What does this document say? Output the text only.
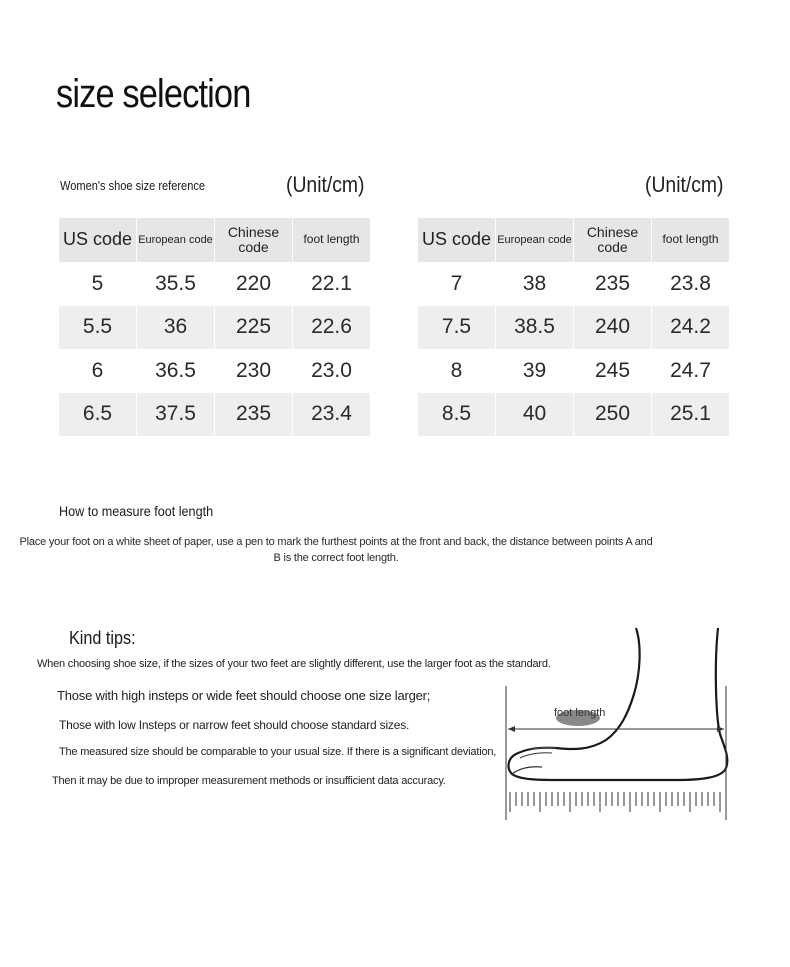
size selection
Women's shoe size reference	(Unit/cm)	(Unit/cm)
US code	European code	Chinese code	foot length
5	35.5	220	22.1
5.5	36	225	22.6
6	36.5	230	23.0
6.5	37.5	235	23.4
US code	European code	Chinese code	foot length
7	38	235	23.8
7.5	38.5	240	24.2
8	39	245	24.7
8.5	40	250	25.1
How to measure foot length
Place your foot on a white sheet of paper, use a pen to mark the furthest points at the front and back, the distance between points A and B is the correct foot length.
Kind tips:
When choosing shoe size, if the sizes of your two feet are slightly different, use the larger foot as the standard.
Those with high insteps or wide feet should choose one size larger;
Those with low Insteps or narrow feet should choose standard sizes.
The measured size should be comparable to your usual size. If there is a significant deviation,
Then it may be due to improper measurement methods or insufficient data accuracy.
foot length
